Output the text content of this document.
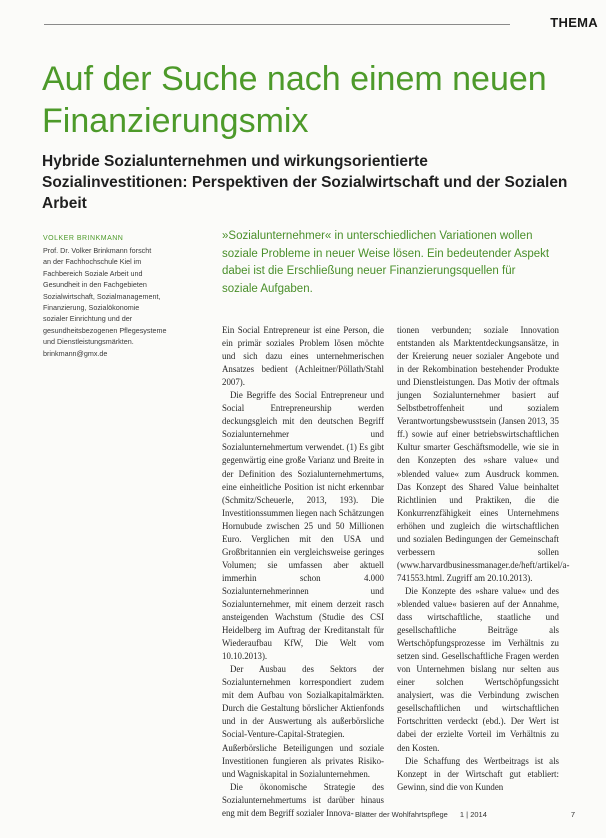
THEMA
Auf der Suche nach einem neuen Finanzierungsmix
Hybride Sozialunternehmen und wirkungsorientierte Sozialinvestitionen: Perspektiven der Sozialwirtschaft und der Sozialen Arbeit
VOLKER BRINKMANN
Prof. Dr. Volker Brinkmann forscht
an der Fachhochschule Kiel im
Fachbereich Soziale Arbeit und
Gesundheit in den Fachgebieten
Sozialwirtschaft, Sozialmanagement,
Finanzierung, Sozialökonomie
sozialer Einrichtung und der
gesundheitsbezogenen Pflegesysteme
und Dienstleistungsmärkten.
brinkmann@gmx.de

»Sozialunternehmer« in unterschiedlichen Variationen wollen soziale Probleme in neuer Weise lösen. Ein bedeutender Aspekt dabei ist die Erschließung neuer Finanzierungsquellen für soziale Aufgaben.

Ein Social Entrepreneur ist eine Person, die ein primär soziales Problem lösen möchte und sich dazu eines unternehmerischen Ansatzes bedient (Achleitner/Pöllath/Stahl 2007).

Die Begriffe des Social Entrepreneur und Social Entrepreneurship werden deckungsgleich mit den deutschen Begriff Sozialunternehmer und Sozialunternehmertum verwendet. (1) Es gibt gegenwärtig eine große Varianz und Breite in der Definition des Sozialunternehmertums, eine einheitliche Position ist nicht erkennbar (Schmitz/Scheuerle, 2013, 193). Die Investitionssummen liegen nach Schätzungen Hornubude zwischen 25 und 50 Millionen Euro. Verglichen mit den USA und Großbritannien ein vergleichsweise geringes Volumen; sie umfassen aber aktuell immerhin schon 4.000 Sozialunternehmerinnen und Sozialunternehmer, mit einem derzeit rasch ansteigenden Wachstum (Studie des CSI Heidelberg im Auftrag der Kreditanstalt für Wiederaufbau KfW, Die Welt vom 10.10.2013).

Der Ausbau des Sektors der Sozialunternehmen korrespondiert zudem mit dem Aufbau von Sozialkapitalmärkten. Durch die Gestaltung börslicher Aktienfonds und in der Auswertung als außerbörsliche Social-Venture-Capital-Strategien. Außerbörsliche Beteiligungen und soziale Investitionen fungieren als privates Risiko- und Wagniskapital in Sozialunternehmen.

Die ökonomische Strategie des Sozialunternehmertums ist darüber hinaus eng mit dem Begriff sozialer Innova-

tionen verbunden; soziale Innovation entstanden als Marktentdeckungsansätze, in der Kreierung neuer sozialer Angebote und in der Rekombination bestehender Produkte und Dienstleistungen. Das Motiv der oftmals jungen Sozialunternehmer basiert auf Selbstbetroffenheit und sozialem Verantwortungsbewusstsein (Jansen 2013, 35 ff.) sowie auf einer betriebswirtschaftlichen Kultur smarter Geschäftsmodelle, wie sie in den Konzepten des »share value« und »blended value« zum Ausdruck kommen. Das Konzept des Shared Value beinhaltet Richtlinien und Praktiken, die die Konkurrenzfähigkeit eines Unternehmens erhöhen und zugleich die wirtschaftlichen und sozialen Bedingungen der Gemeinschaft verbessern sollen (www.harvardbusinessmanager.de/heft/artikel/a-741553.html. Zugriff am 20.10.2013).

Die Konzepte des »share value« und des »blended value« basieren auf der Annahme, dass wirtschaftliche, staatliche und gesellschaftliche Beiträge als Wertschöpfungsprozesse im Verhältnis zu setzen sind. Gesellschaftliche Fragen werden von Unternehmen bislang nur selten aus einer solchen Wertschöpfungssicht analysiert, was die Verbindung zwischen gesellschaftlichen und wirtschaftlichen Fortschritten verdeckt (ebd.). Der Wert ist dabei der erzielte Vorteil im Verhältnis zu den Kosten.

Die Schaffung des Wertbeitrags ist als Konzept in der Wirtschaft gut etabliert: Gewinn, sind die von Kunden

Blätter der Wohlfahrtspflege 1 | 2014	7
